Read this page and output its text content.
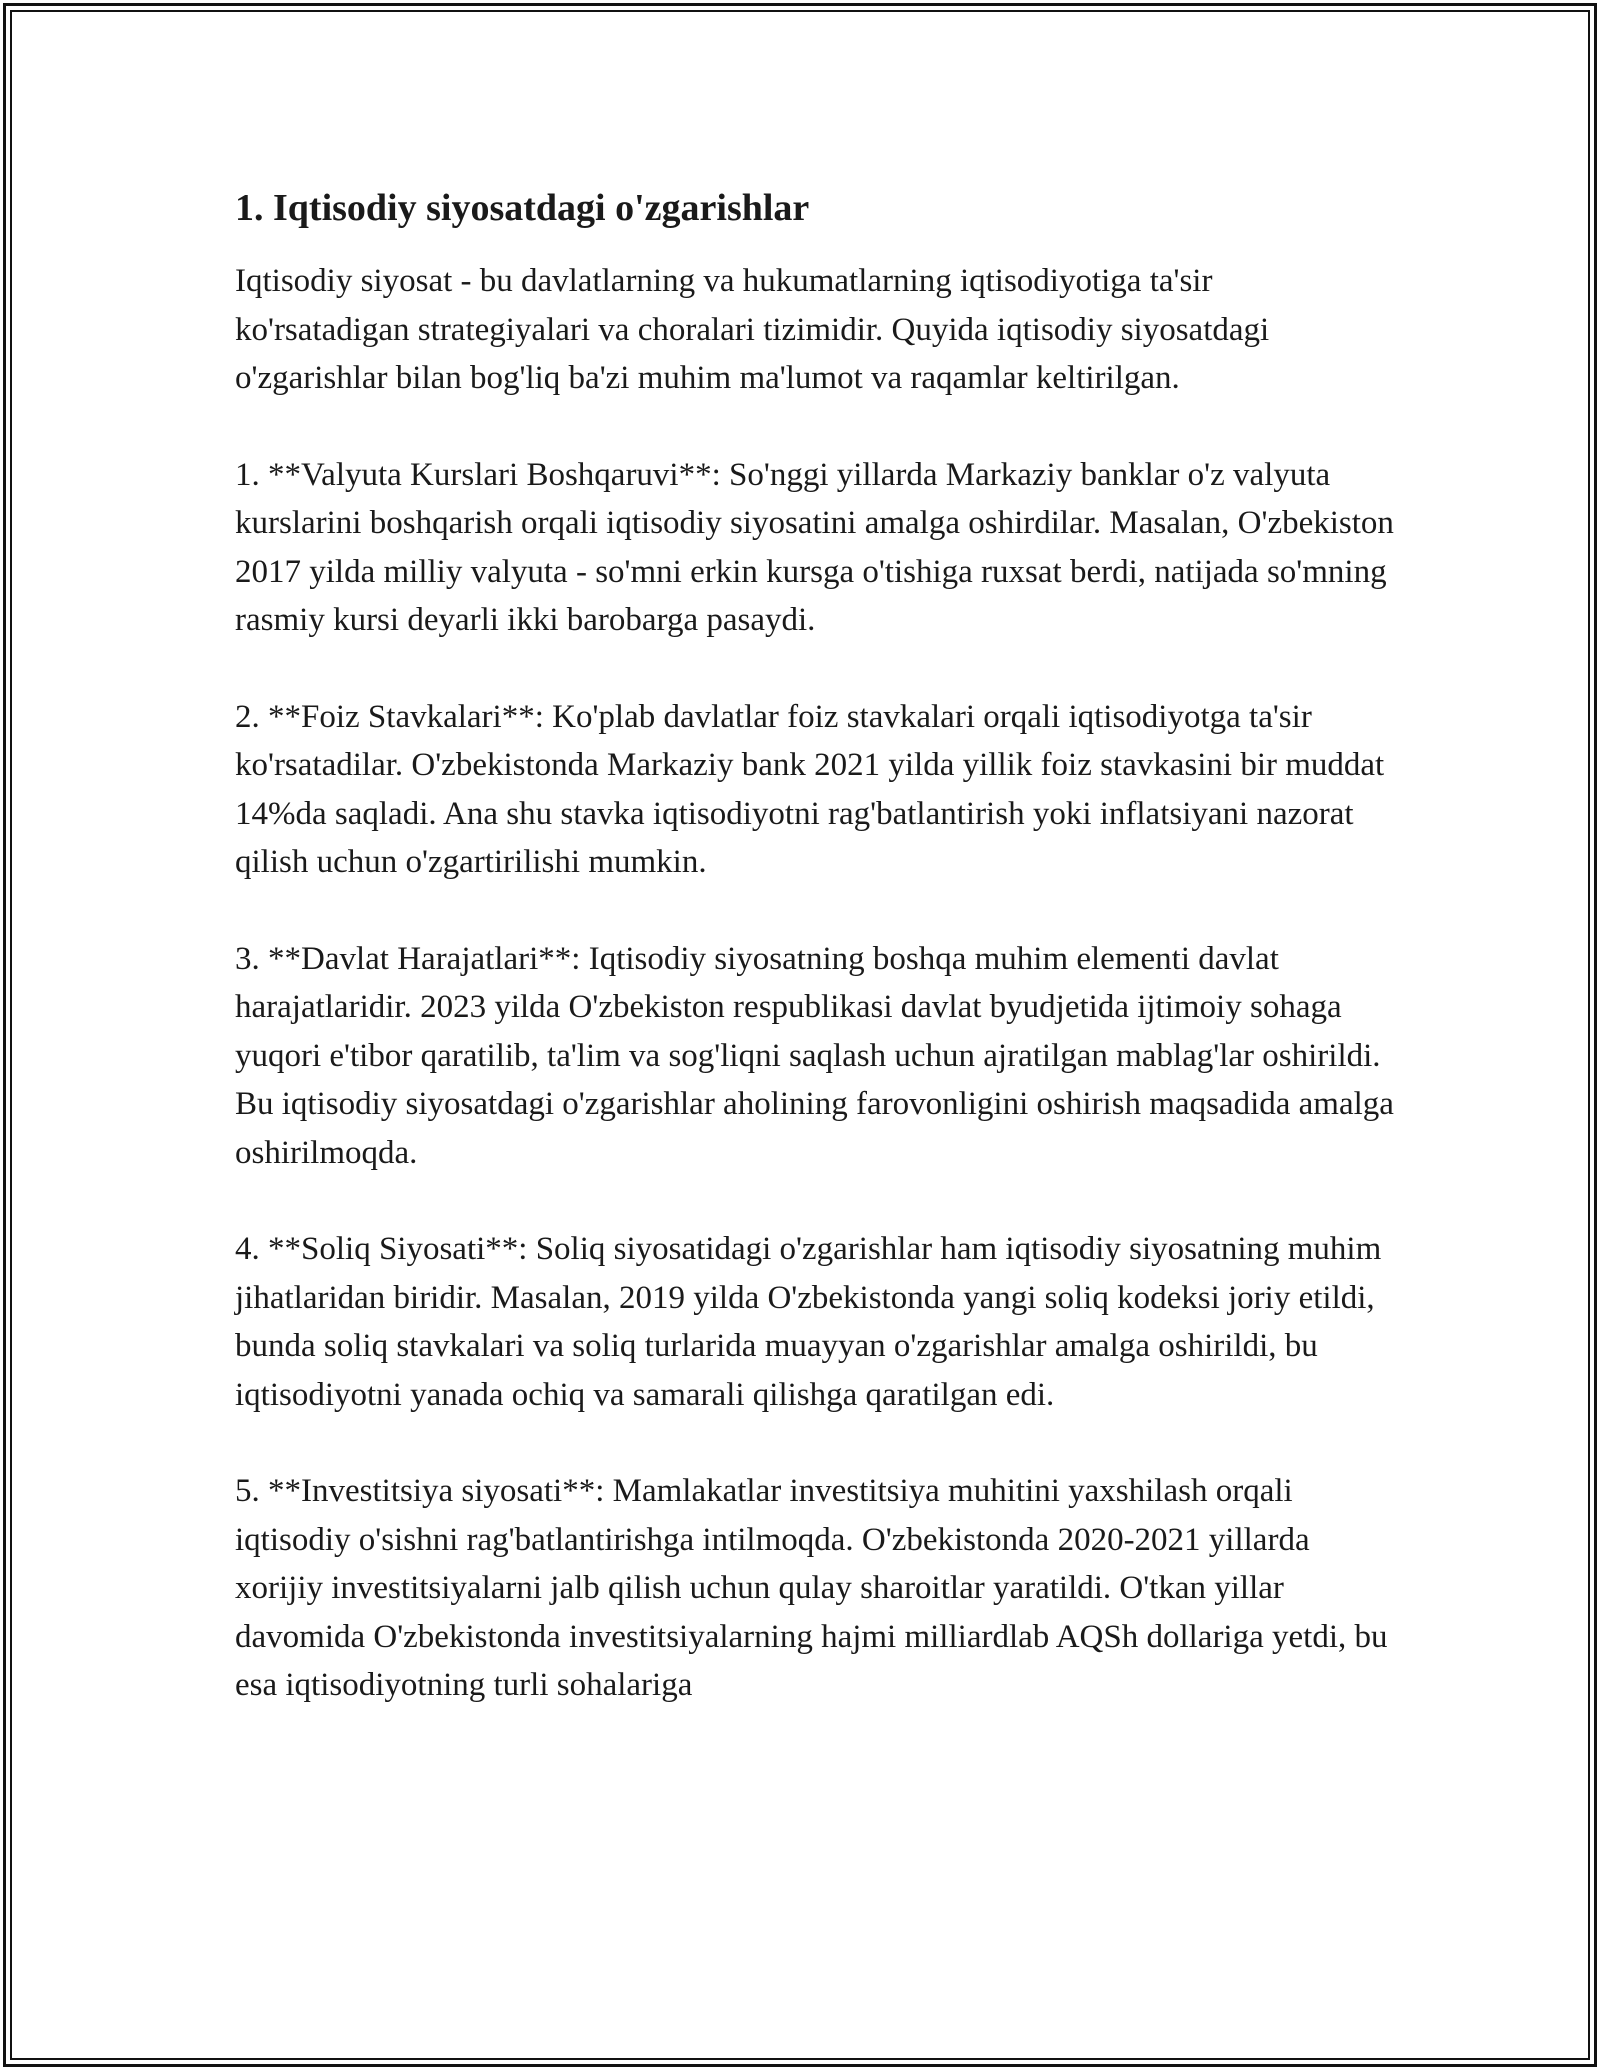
1. Iqtisodiy siyosatdagi o'zgarishlar

Iqtisodiy siyosat - bu davlatlarning va hukumatlarning iqtisodiyotiga ta'sir ko'rsatadigan strategiyalari va choralari tizimidir. Quyida iqtisodiy siyosatdagi o'zgarishlar bilan bog'liq ba'zi muhim ma'lumot va raqamlar keltirilgan.

1. **Valyuta Kurslari Boshqaruvi**: So'nggi yillarda Markaziy banklar o'z valyuta kurslarini boshqarish orqali iqtisodiy siyosatini amalga oshirdilar. Masalan, O'zbekiston 2017 yilda milliy valyuta - so'mni erkin kursga o'tishiga ruxsat berdi, natijada so'mning rasmiy kursi deyarli ikki barobarga pasaydi.

2. **Foiz Stavkalari**: Ko'plab davlatlar foiz stavkalari orqali iqtisodiyotga ta'sir ko'rsatadilar. O'zbekistonda Markaziy bank 2021 yilda yillik foiz stavkasini bir muddat 14%da saqladi. Ana shu stavka iqtisodiyotni rag'batlantirish yoki inflatsiyani nazorat qilish uchun o'zgartirilishi mumkin.

3. **Davlat Harajatlari**: Iqtisodiy siyosatning boshqa muhim elementi davlat harajatlaridir. 2023 yilda O'zbekiston respublikasi davlat byudjetida ijtimoiy sohaga yuqori e'tibor qaratilib, ta'lim va sog'liqni saqlash uchun ajratilgan mablag'lar oshirildi. Bu iqtisodiy siyosatdagi o'zgarishlar aholining farovonligini oshirish maqsadida amalga oshirilmoqda.

4. **Soliq Siyosati**: Soliq siyosatidagi o'zgarishlar ham iqtisodiy siyosatning muhim jihatlaridan biridir. Masalan, 2019 yilda O'zbekistonda yangi soliq kodeksi joriy etildi, bunda soliq stavkalari va soliq turlarida muayyan o'zgarishlar amalga oshirildi, bu iqtisodiyotni yanada ochiq va samarali qilishga qaratilgan edi.

5. **Investitsiya siyosati**: Mamlakatlar investitsiya muhitini yaxshilash orqali iqtisodiy o'sishni rag'batlantirishga intilmoqda. O'zbekistonda 2020-2021 yillarda xorijiy investitsiyalarni jalb qilish uchun qulay sharoitlar yaratildi. O'tkan yillar davomida O'zbekistonda investitsiyalarning hajmi milliardlab AQSh dollariga yetdi, bu esa iqtisodiyotning turli sohalariga
